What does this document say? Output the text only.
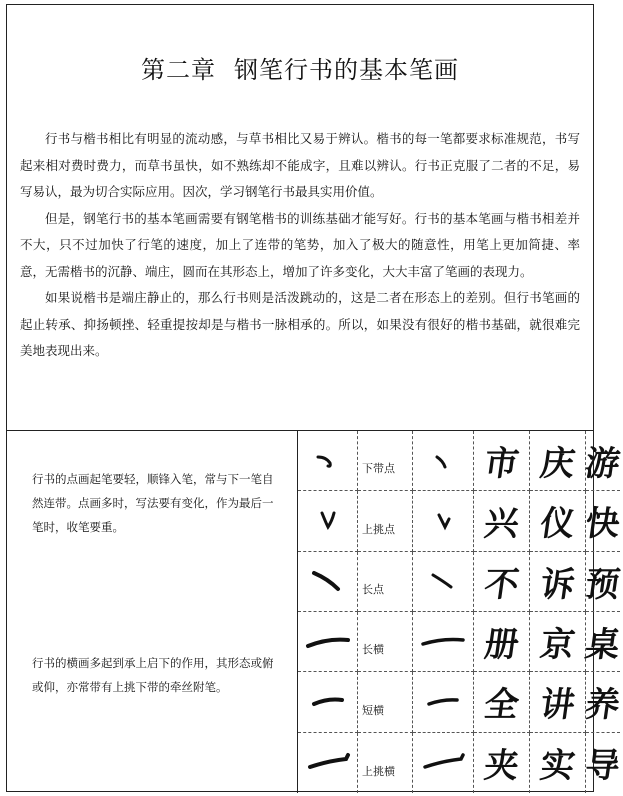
第二章 钢笔行书的基本笔画

行书与楷书相比有明显的流动感，与草书相比又易于辨认。楷书的每一笔都要求标准规范，书写起来相对费时费力，而草书虽快，如不熟练却不能成字，且难以辨认。行书正克服了二者的不足，易写易认，最为切合实际应用。因次，学习钢笔行书最具实用价值。

但是，钢笔行书的基本笔画需要有钢笔楷书的训练基础才能写好。行书的基本笔画与楷书相差并不大，只不过加快了行笔的速度，加上了连带的笔势，加入了极大的随意性，用笔上更加简捷、率意，无需楷书的沉静、端庄，圆而在其形态上，增加了许多变化，大大丰富了笔画的表现力。

如果说楷书是端庄静止的，那么行书则是活泼跳动的，这是二者在形态上的差别。但行书笔画的起止转承、抑扬顿挫、轻重提按却是与楷书一脉相承的。所以，如果没有很好的楷书基础，就很难完美地表现出来。

行书的点画起笔要轻，顺锋入笔，常与下一笔自然连带。点画多时，写法要有变化，作为最后一笔时，收笔要重。
行书的横画多起到承上启下的作用，其形态或俯或仰，亦常带有上挑下带的牵丝附笔。
下带点	市 庆 游
上挑点	兴 仪 快
长点	不 诉 预
长横	册 京 桌
短横	全 讲 养
上挑横	夹 实 导
